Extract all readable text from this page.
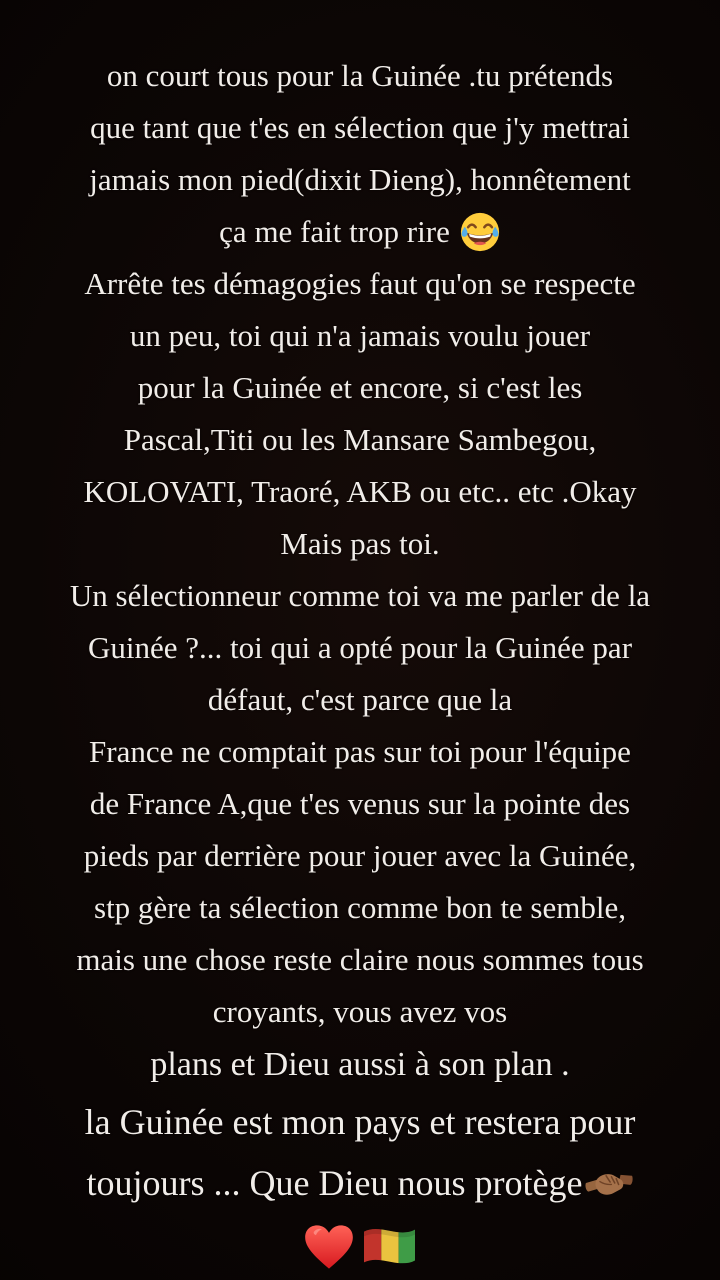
on court tous pour la Guinée .tu prétends
que tant que t'es en sélection que j'y mettrai
jamais mon pied(dixit Dieng), honnêtement
ça me fait trop rire
Arrête tes démagogies faut qu'on se respecte
un peu, toi qui n'a jamais voulu jouer
pour la Guinée et encore, si c'est les
Pascal,Titi ou les Mansare Sambegou,
KOLOVATI, Traoré, AKB ou etc.. etc .Okay
Mais pas toi.
Un sélectionneur comme toi va me parler de la
Guinée ?... toi qui a opté pour la Guinée par
défaut, c'est parce que la
France ne comptait pas sur toi pour l'équipe
de France A,que t'es venus sur la pointe des
pieds par derrière pour jouer avec la Guinée,
stp gère ta sélection comme bon te semble,
mais une chose reste claire nous sommes tous
croyants, vous avez vos
plans et Dieu aussi à son plan .
la Guinée est mon pays et restera pour
toujours ... Que Dieu nous protège
